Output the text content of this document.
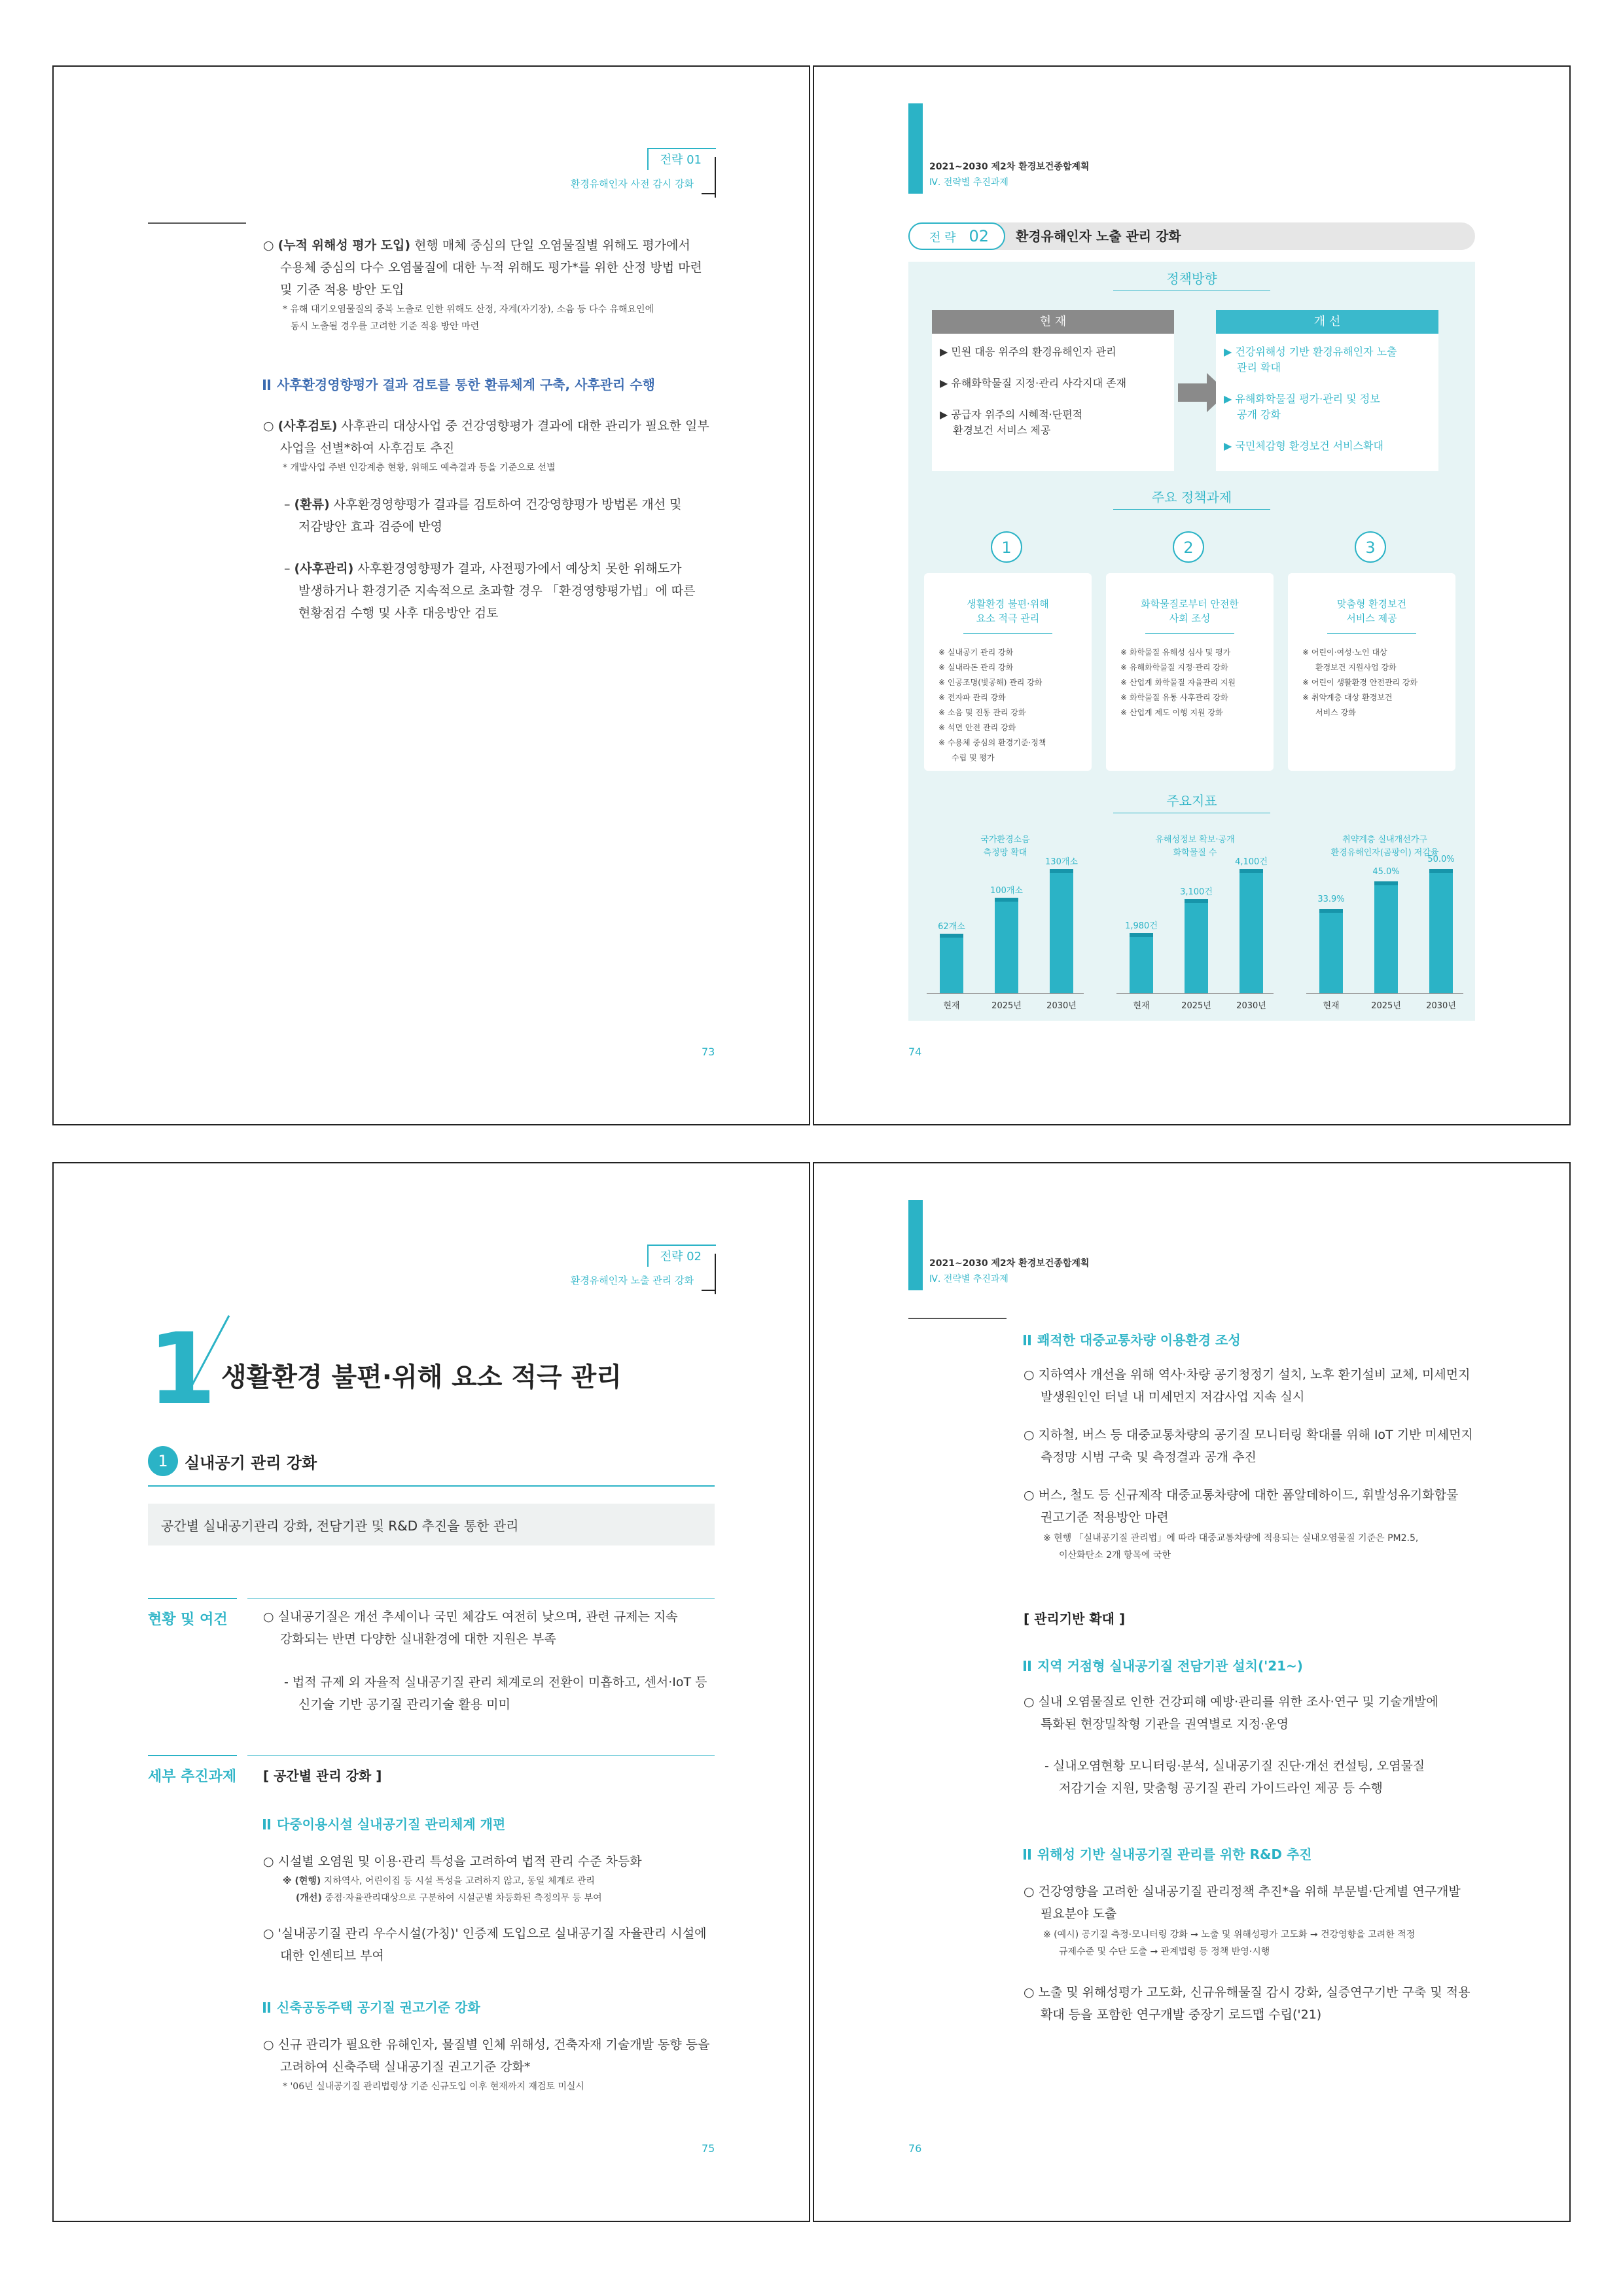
전략 01
환경유해인자 사전 감시 강화
○ (누적 위해성 평가 도입) 현행 매체 중심의 단일 오염물질별 위해도 평가에서
수용체 중심의 다수 오염물질에 대한 누적 위해도 평가*를 위한 산정 방법 마련
및 기준 적용 방안 도입
* 유해 대기오염물질의 중복 노출로 인한 위해도 산정, 자계(자기장), 소음 등 다수 유해요인에
동시 노출될 경우를 고려한 기준 적용 방안 마련
사후환경영향평가 결과 검토를 통한 환류체계 구축, 사후관리 수행
○ (사후검토) 사후관리 대상사업 중 건강영향평가 결과에 대한 관리가 필요한 일부
사업을 선별*하여 사후검토 추진
* 개발사업 주변 인강계층 현황, 위해도 예측결과 등을 기준으로 선별
– (환류) 사후환경영향평가 결과를 검토하여 건강영향평가 방법론 개선 및
저감방안 효과 검증에 반영
– (사후관리) 사후환경영향평가 결과, 사전평가에서 예상치 못한 위해도가
발생하거나 환경기준 지속적으로 초과할 경우 「환경영향평가법」에 따른
현황점검 수행 및 사후 대응방안 검토
73
2021~2030 제2차 환경보건종합계획
Ⅳ. 전략별 추진과제
전 략 02	환경유해인자 노출 관리 강화
정책방향
현 재
▶ 민원 대응 위주의 환경유해인자 관리
▶ 유해화학물질 지정·관리 사각지대 존재
▶ 공급자 위주의 시혜적·단편적
환경보건 서비스 제공
개 선
▶ 건강위해성 기반 환경유해인자 노출
관리 확대
▶ 유해화학물질 평가·관리 및 정보
공개 강화
▶ 국민체감형 환경보건 서비스확대
주요 정책과제
1	2	3
생활환경 불편·위해
요소 적극 관리
※ 실내공기 관리 강화
※ 실내라돈 관리 강화
※ 인공조명(빛공해) 관리 강화
※ 전자파 관리 강화
※ 소음 및 진동 관리 강화
※ 석면 안전 관리 강화
※ 수용체 중심의 환경기준·정책
수립 및 평가
화학물질로부터 안전한
사회 조성
※ 화학물질 유해성 심사 및 평가
※ 유해화학물질 지정·관리 강화
※ 산업계 화학물질 자율관리 지원
※ 화학물질 유통 사후관리 강화
※ 산업계 제도 이행 지원 강화
맞춤형 환경보건
서비스 제공
※ 어린이·여성·노인 대상
환경보건 지원사업 강화
※ 어린이 생활환경 안전관리 강화
※ 취약계층 대상 환경보건
서비스 강화
주요지표
국가환경소음
측정망 확대
62개소
현재
100개소
2025년
130개소
2030년
유해성정보 확보·공개
화학물질 수
1,980건
현재
3,100건
2025년
4,100건
2030년
취약계층 실내개선가구
환경유해인자(곰팡이) 저감율
33.9%
현재
45.0%
2025년
50.0%
2030년
74
전략 02
환경유해인자 노출 관리 강화
1 생활환경 불편·위해 요소 적극 관리
1	실내공기 관리 강화
공간별 실내공기관리 강화, 전담기관 및 R&D 추진을 통한 관리
현황 및 여건	○ 실내공기질은 개선 추세이나 국민 체감도 여전히 낮으며, 관련 규제는 지속
강화되는 반면 다양한 실내환경에 대한 지원은 부족
- 법적 규제 외 자율적 실내공기질 관리 체계로의 전환이 미흡하고, 센서·IoT 등
신기술 기반 공기질 관리기술 활용 미미
세부 추진과제 [ 공간별 관리 강화 ]
다중이용시설 실내공기질 관리체계 개편
○ 시설별 오염원 및 이용·관리 특성을 고려하여 법적 관리 수준 차등화
※ (현행) 지하역사, 어린이집 등 시설 특성을 고려하지 않고, 동일 체계로 관리
(개선) 중점·자율관리대상으로 구분하여 시설군별 차등화된 측정의무 등 부여
○ '실내공기질 관리 우수시설(가칭)' 인증제 도입으로 실내공기질 자율관리 시설에
대한 인센티브 부여
신축공동주택 공기질 권고기준 강화
○ 신규 관리가 필요한 유해인자, 물질별 인체 위해성, 건축자재 기술개발 동향 등을
고려하여 신축주택 실내공기질 권고기준 강화*
* '06년 실내공기질 관리법령상 기준 신규도입 이후 현재까지 재검토 미실시
75
2021~2030 제2차 환경보건종합계획
Ⅳ. 전략별 추진과제
쾌적한 대중교통차량 이용환경 조성
○ 지하역사 개선을 위해 역사·차량 공기청정기 설치, 노후 환기설비 교체, 미세먼지
발생원인인 터널 내 미세먼지 저감사업 지속 실시
○ 지하철, 버스 등 대중교통차량의 공기질 모니터링 확대를 위해 IoT 기반 미세먼지
측정망 시범 구축 및 측정결과 공개 추진
○ 버스, 철도 등 신규제작 대중교통차량에 대한 폼알데하이드, 휘발성유기화합물
권고기준 적용방안 마련
※ 현행 「실내공기질 관리법」에 따라 대중교통차량에 적용되는 실내오염물질 기준은 PM2.5,
이산화탄소 2개 항목에 국한
[ 관리기반 확대 ]
지역 거점형 실내공기질 전담기관 설치('21~)
○ 실내 오염물질로 인한 건강피해 예방·관리를 위한 조사·연구 및 기술개발에
특화된 현장밀착형 기관을 권역별로 지정·운영
- 실내오염현황 모니터링·분석, 실내공기질 진단·개선 컨설팅, 오염물질
저감기술 지원, 맞춤형 공기질 관리 가이드라인 제공 등 수행
위해성 기반 실내공기질 관리를 위한 R&D 추진
○ 건강영향을 고려한 실내공기질 관리정책 추진*을 위해 부문별·단계별 연구개발
필요분야 도출
※ (예시) 공기질 측정·모니터링 강화 → 노출 및 위해성평가 고도화 → 건강영향을 고려한 적정
규제수준 및 수단 도출 → 관계법령 등 정책 반영·시행
○ 노출 및 위해성평가 고도화, 신규유해물질 감시 강화, 실증연구기반 구축 및 적용
확대 등을 포함한 연구개발 중장기 로드맵 수립('21)
76
